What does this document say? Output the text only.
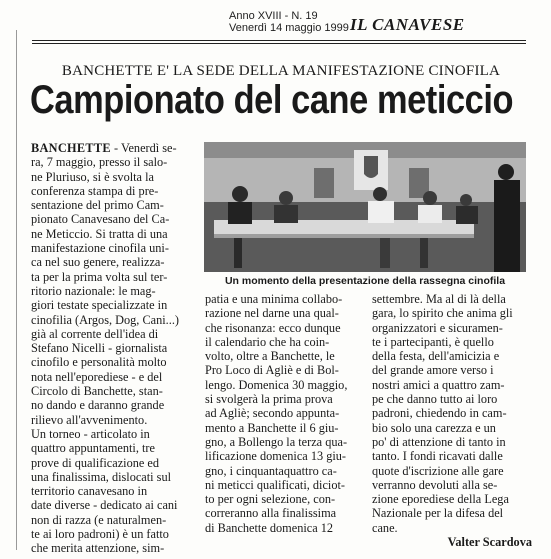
Anno XVIII - N. 19
Venerdì 14 maggio 1999 IL CANAVESE
BANCHETTE E' LA SEDE DELLA MANIFESTAZIONE CINOFILA
Campionato del cane meticcio
BANCHETTE - Venerdì se-
ra, 7 maggio, presso il salo-
ne Pluriuso, si è svolta la
conferenza stampa di pre-
sentazione del primo Cam-
pionato Canavesano del Ca-
ne Meticcio. Si tratta di una
manifestazione cinofila uni-
ca nel suo genere, realizza-
ta per la prima volta sul ter-
ritorio nazionale: le mag-
giori testate specializzate in
cinofilia (Argos, Dog, Cani...)
già al corrente dell'idea di
Stefano Nicelli - giornalista
cinofilo e personalità molto
nota nell'eporediese - e del
Circolo di Banchette, stan-
no dando e daranno grande
rilievo all'avvenimento.
Un torneo - articolato in
quattro appuntamenti, tre
prove di qualificazione ed
una finalissima, dislocati sul
territorio canavesano in
date diverse - dedicato ai cani
non di razza (e naturalmen-
te ai loro padroni) è un fatto
che merita attenzione, sim-
Un momento della presentazione della rassegna cinofila
patia e una minima collabo-
razione nel darne una qual-
che risonanza: ecco dunque
il calendario che ha coin-
volto, oltre a Banchette, le
Pro Loco di Agliè e di Bol-
lengo. Domenica 30 maggio,
si svolgerà la prima prova
ad Agliè; secondo appunta-
mento a Banchette il 6 giu-
gno, a Bollengo la terza qua-
lificazione domenica 13 giu-
gno, i cinquantaquattro ca-
ni meticci qualificati, diciot-
to per ogni selezione, con-
correranno alla finalissima
di Banchette domenica 12
settembre. Ma al di là della
gara, lo spirito che anima gli
organizzatori e sicuramen-
te i partecipanti, è quello
della festa, dell'amicizia e
del grande amore verso i
nostri amici a quattro zam-
pe che danno tutto ai loro
padroni, chiedendo in cam-
bio solo una carezza e un
po' di attenzione di tanto in
tanto. I fondi ricavati dalle
quote d'iscrizione alle gare
verranno devoluti alla se-
zione eporediese della Lega
Nazionale per la difesa del
cane.
Valter Scardova
